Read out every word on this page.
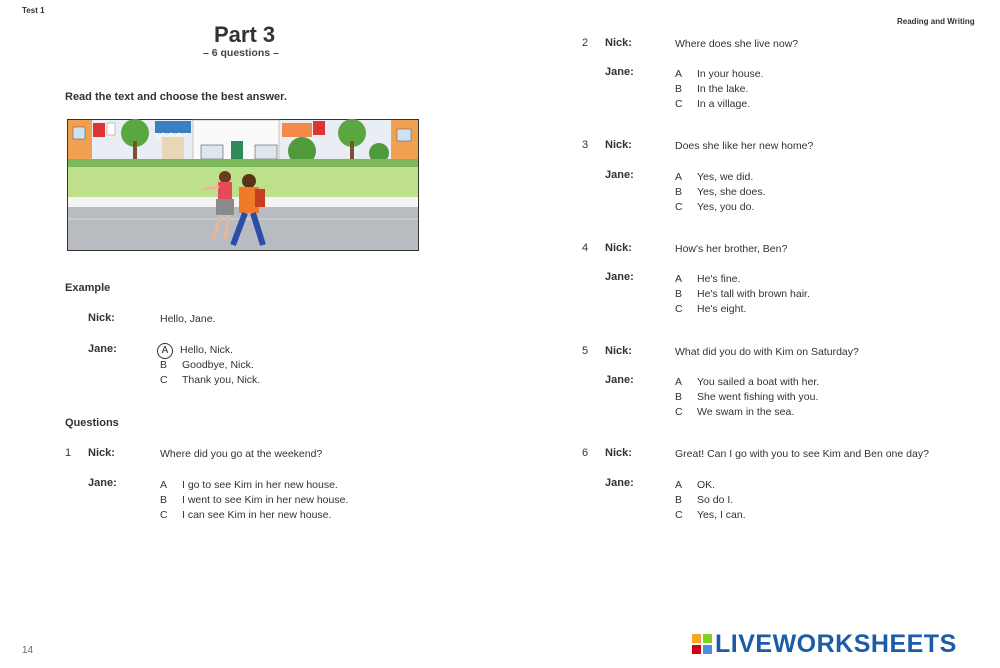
Test 1
Reading and Writing
Part 3
– 6 questions –
Read the text and choose the best answer.
Example
Nick:	Hello, Jane.
Jane:	A Hello, Nick.
B Goodbye, Nick.
C Thank you, Nick.
Questions
1 Nick:	Where did you go at the weekend?
Jane:	A I go to see Kim in her new house.
B I went to see Kim in her new house.
C I can see Kim in her new house.
2 Nick:	Where does she live now?
Jane:	A In your house.
B In the lake.
C In a village.
3 Nick:	Does she like her new home?
Jane:	A Yes, we did.
B Yes, she does.
C Yes, you do.
4 Nick:	How's her brother, Ben?
Jane:	A He's fine.
B He's tall with brown hair.
C He's eight.
5 Nick:	What did you do with Kim on Saturday?
Jane:	A You sailed a boat with her.
B She went fishing with you.
C We swam in the sea.
6 Nick:	Great! Can I go with you to see Kim and Ben one day?
Jane:	A OK.
B So do I.
C Yes, I can.
14	LIVEWORKSHEETS
